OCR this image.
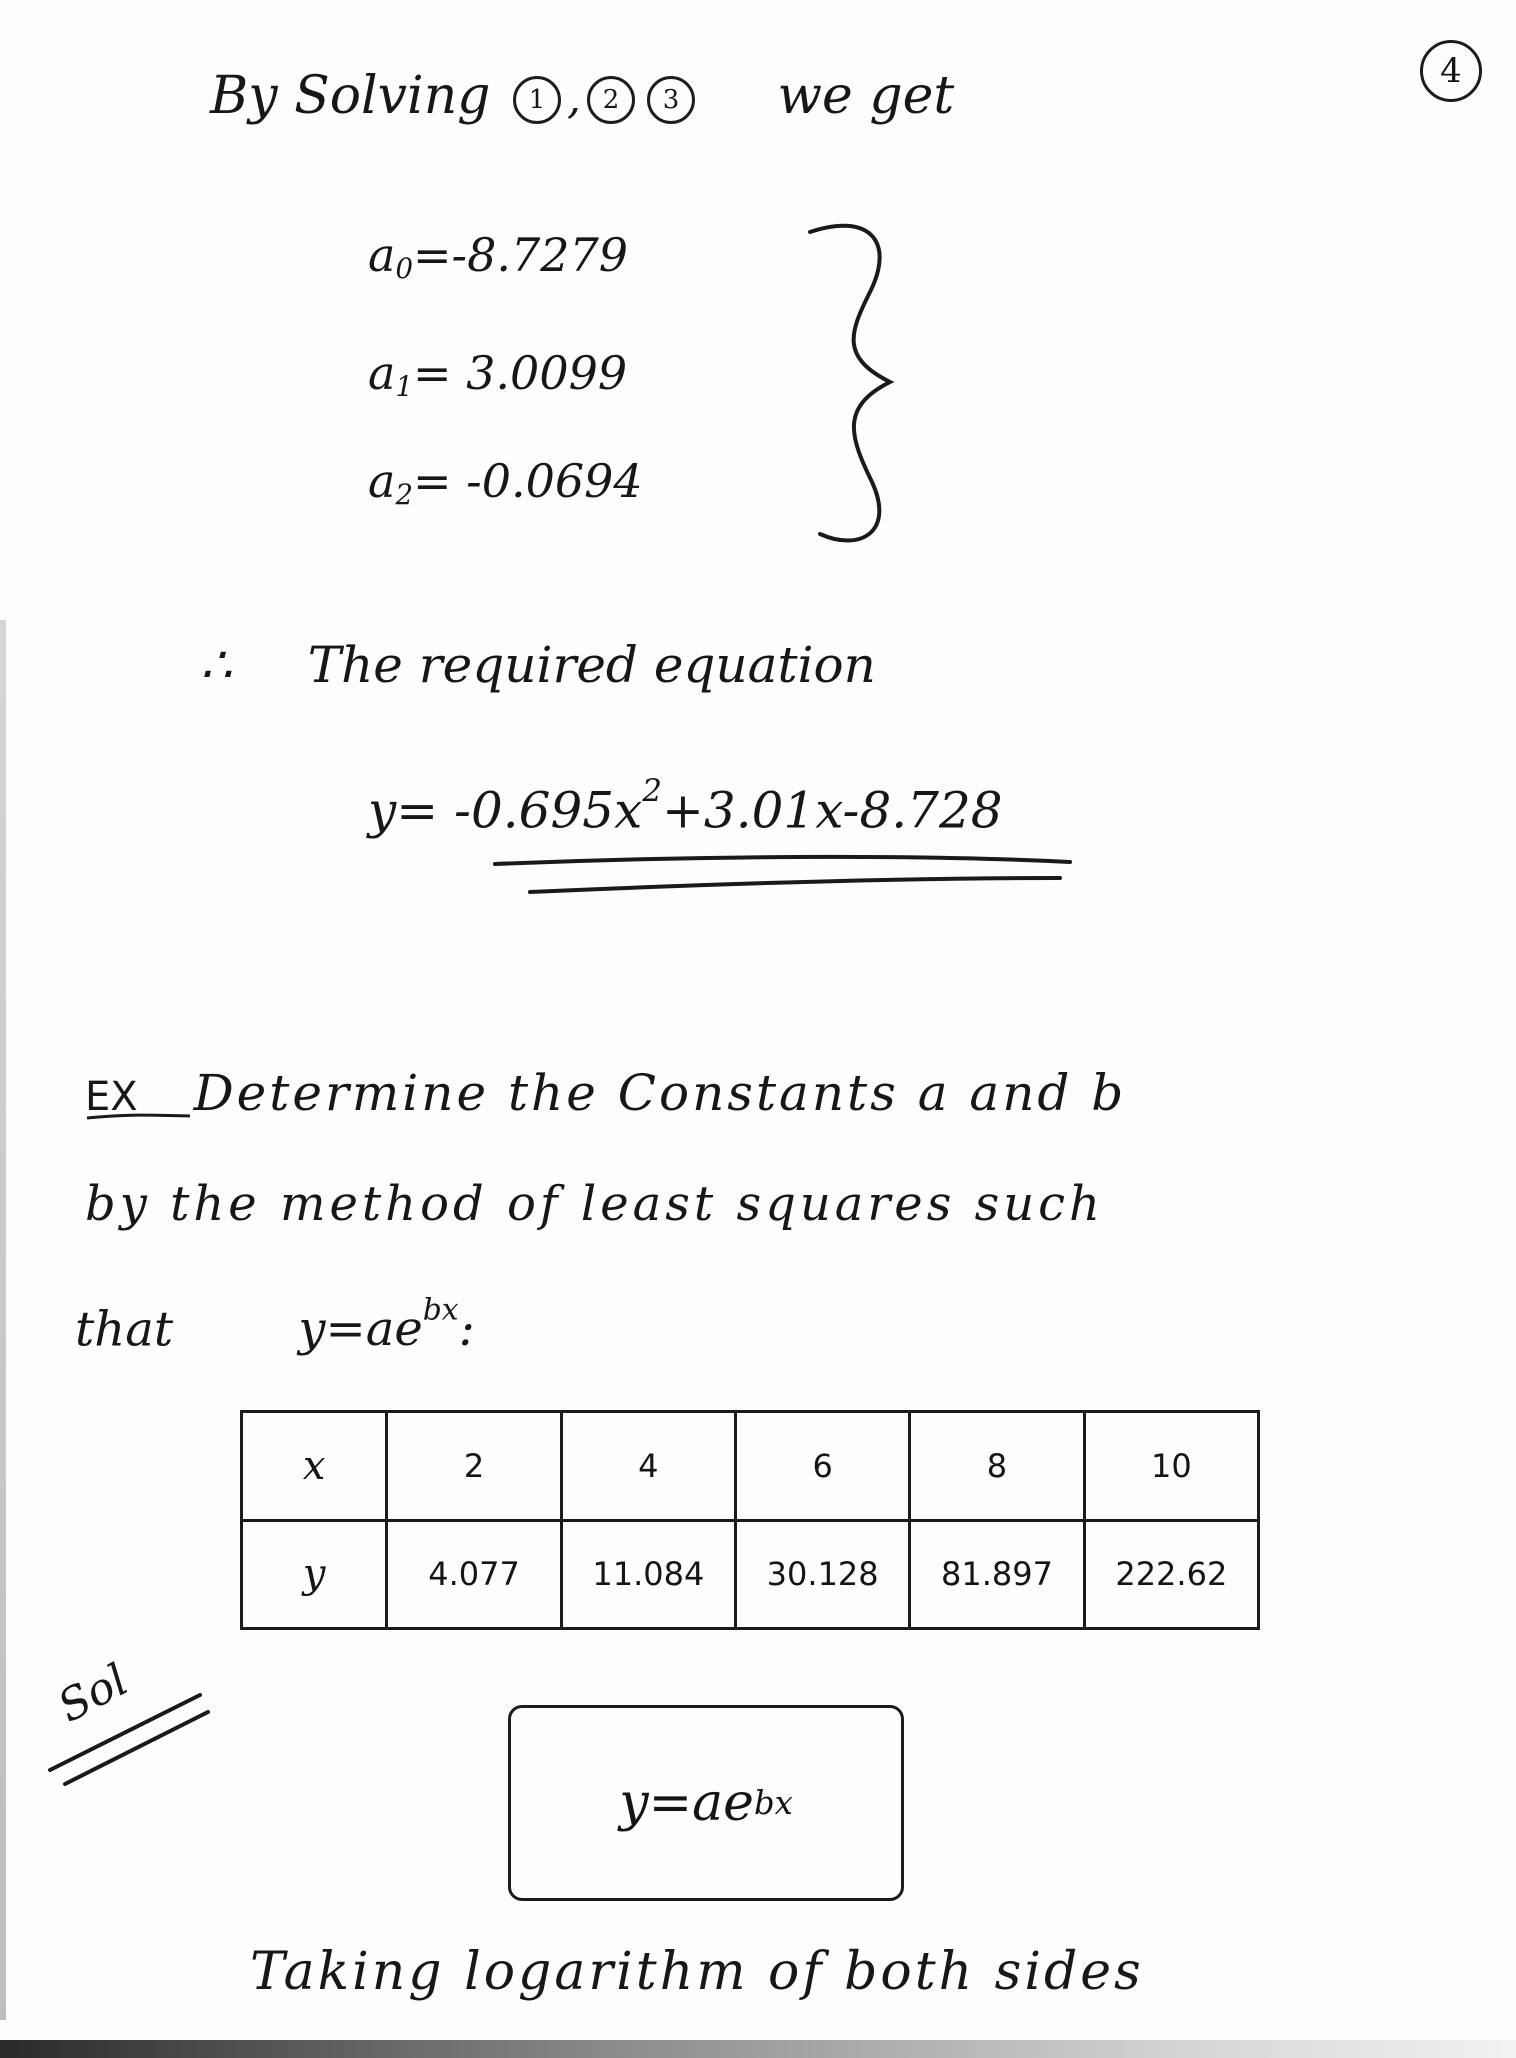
4
By Solving 1 , 2 3 we get
$a_0=-8.7279$
$a_1= 3.0099$
$a_2= -0.0694$
∴ The required equation
$y= -0.695x^2+3.01x-8.728$
EX Determine the Constants a and b
by the method of least squares such
that	$y=ae^{bx}$:
x	2	4	6	8	10
y	4.077	11.084	30.128	81.897	222.62
Sol
y=ae bx
Taking logarithm of both sides
